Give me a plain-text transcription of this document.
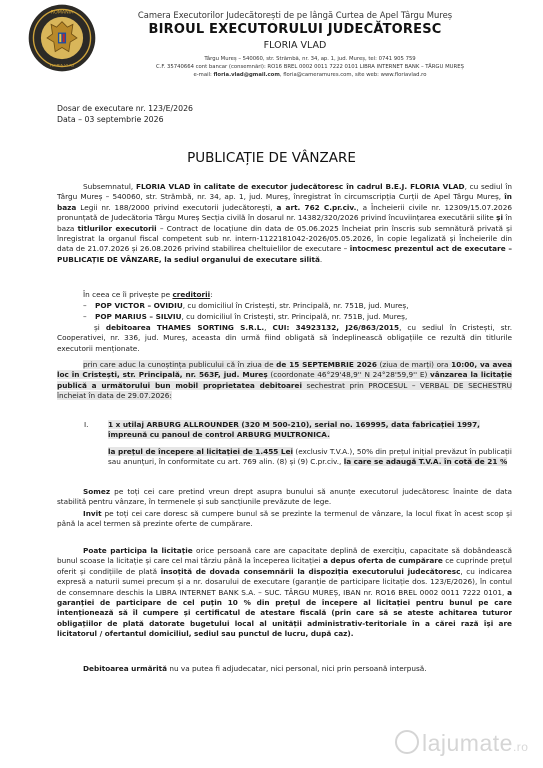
ROMÂNIA
FLORIA VLAD
Camera Executorilor Judecătorești de pe lângă Curtea de Apel Târgu Mureș
BIROUL EXECUTORULUI JUDECĂTORESC
FLORIA VLAD
Târgu Mureș – 540060, str. Strămbă, nr. 34, ap. 1, jud. Mureș, tel: 0741 905 759
C.F. 35740664 cont bancar (consemnări): RO16 BREL 0002 0011 7222 0101 LIBRA INTERNET BANK – TÂRGU MUREȘ
e-mail: floria.vlad@gmail.com, floria@cameramures.com, site web: www.floriavlad.ro
Dosar de executare nr. 123/E/2026
Data – 03 septembrie 2026
PUBLICAȚIE DE VÂNZARE

Subsemnatul, FLORIA VLAD în calitate de executor judecătoresc în cadrul B.E.J. FLORIA VLAD, cu sediul în Târgu Mureș – 540060, str. Strămbă, nr. 34, ap. 1, jud. Mureș, înregistrat în circumscripția Curții de Apel Târgu Mureș, în baza Legii nr. 188/2000 privind executorii judecătorești, a art. 762 C.pr.civ., a Încheierii civile nr. 12309/15.07.2026 pronunțată de Judecătoria Târgu Mureș Secția civilă în dosarul nr. 14382/320/2026 privind încuviințarea executării silite și în baza titlurilor executorii – Contract de locațiune din data de 05.06.2025 încheiat prin înscris sub semnătură privată și înregistrat la organul fiscal competent sub nr. intern-1122181042-2026/05.05.2026, în copie legalizată și Încheierile din data de 21.07.2026 și 26.08.2026 privind stabilirea cheltuielilor de executare – întocmesc prezentul act de executare – PUBLICAȚIE DE VÂNZARE, la sediul organului de executare silită.

În ceea ce îi privește pe creditorii:

– POP VICTOR – OVIDIU, cu domiciliul în Cristești, str. Principală, nr. 751B, jud. Mureș,

– POP MARIUS – SILVIU, cu domiciliul în Cristești, str. Principală, nr. 751B, jud. Mureș,

și debitoarea THAMES SORTING S.R.L., CUI: 34923132, J26/863/2015, cu sediul în Cristești, str. Cooperativei, nr. 336, jud. Mureș, aceasta din urmă fiind obligată să îndeplinească obligațiile ce rezultă din titlurile executorii menționate.

prin care aduc la cunoștința publicului că în ziua de de 15 SEPTEMBRIE 2026 (ziua de marți) ora 10:00, va avea loc în Cristești, str. Principală, nr. 563F, jud. Mureș (coordonate 46°29'48,9'' N 24°28'59,9'' E) vânzarea la licitație publică a următorului bun mobil proprietatea debitoarei sechestrat prin PROCESUL – VERBAL DE SECHESTRU încheiat în data de 29.07.2026:

I.	1 x utilaj ARBURG ALLROUNDER (320 M 500-210), serial no. 169995, data fabricației 1997, împreună cu panoul de control ARBURG MULTRONICA.

la prețul de începere al licitației de 1.455 Lei (exclusiv T.V.A.), 50% din prețul inițial prevăzut în publicații sau anunțuri, în conformitate cu art. 769 alin. (8) și (9) C.pr.civ., la care se adaugă T.V.A. în cotă de 21 %

Somez pe toți cei care pretind vreun drept asupra bunului să anunțe executorul judecătoresc înainte de data stabilită pentru vânzare, în termenele și sub sancțiunile prevăzute de lege.

Invit pe toți cei care doresc să cumpere bunul să se prezinte la termenul de vânzare, la locul fixat în acest scop și până la acel termen să prezinte oferte de cumpărare.

Poate participa la licitație orice persoană care are capacitate deplină de exercițiu, capacitate să dobândească bunul scoase la licitație și care cel mai târziu până la începerea licitației a depus oferta de cumpărare ce cuprinde prețul oferit și condițiile de plată însoțită de dovada consemnării la dispoziția executorului judecătoresc, cu indicarea expresă a naturii sumei precum și a nr. dosarului de executare (garanție de participare licitație dos. 123/E/2026), în contul de consemnare deschis la LIBRA INTERNET BANK S.A. – SUC. TÂRGU MUREȘ, IBAN nr. RO16 BREL 0002 0011 7222 0101, a garanției de participare de cel puțin 10 % din prețul de începere al licitației pentru bunul pe care intenționează să îl cumpere și certificatul de atestare fiscală (prin care să se ateste achitarea tuturor obligațiilor de plată datorate bugetului local al unității administrativ-teritoriale în a cărei rază își are licitatorul / ofertantul domiciliul, sediul sau punctul de lucru, după caz).

Debitoarea urmărită nu va putea fi adjudecatar, nici personal, nici prin persoană interpusă.

lajumate.ro
